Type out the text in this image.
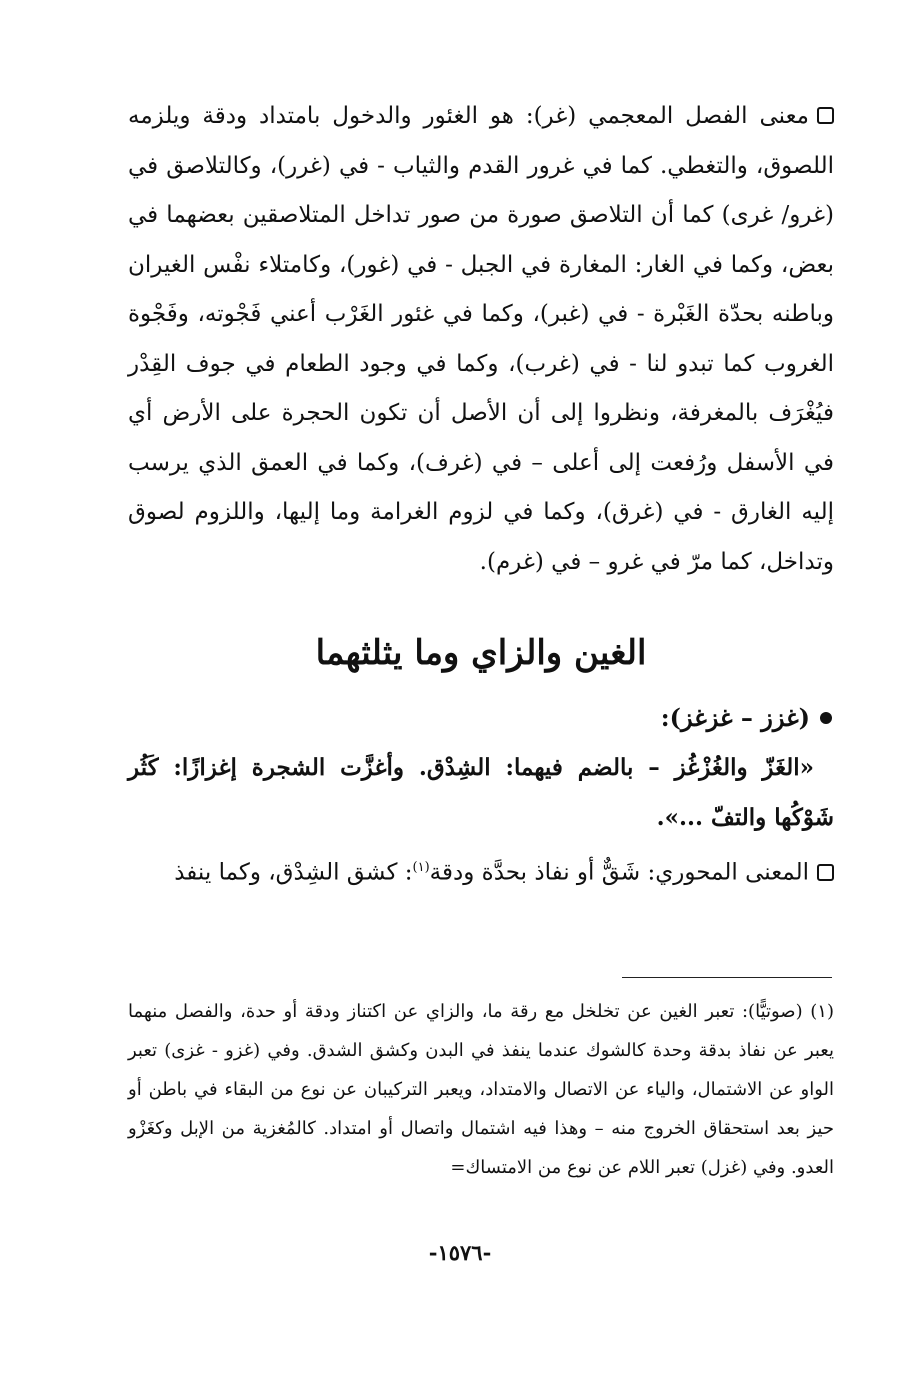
معنى الفصل المعجمي (غر): هو الغئور والدخول بامتداد ودقة ويلزمه اللصوق، والتغطي. كما في غرور القدم والثياب - في (غرر)، وكالتلاصق في (غرو/ غرى) كما أن التلاصق صورة من صور تداخل المتلاصقين بعضهما في بعض، وكما في الغار: المغارة في الجبل - في (غور)، وكامتلاء نفْس الغيران وباطنه بحدّة الغَبْرة - في (غبر)، وكما في غئور الغَرْب أعني فَجْوته، وفَجْوة الغروب كما تبدو لنا - في (غرب)، وكما في وجود الطعام في جوف القِدْر فيُغْرَف بالمغرفة، ونظروا إلى أن الأصل أن تكون الحجرة على الأرض أي في الأسفل ورُفعت إلى أعلى – في (غرف)، وكما في العمق الذي يرسب إليه الغارق - في (غرق)، وكما في لزوم الغرامة وما إليها، واللزوم لصوق وتداخل، كما مرّ في غرو – في (غرم).

الغين والزاي وما يثلثهما
(غزز – غزغز):

«الغَزّ والغُزْغُز – بالضم فيهما: الشِدْق. وأغزَّت الشجرة إغزازًا: كَثُر شَوْكُها والتفّ ...».

المعنى المحوري: شَقٌّ أو نفاذ بحدَّة ودقة$^{(١)}$: كشق الشِدْق، وكما ينفذ

(١) (صوتيًّا): تعبر الغين عن تخلخل مع رقة ما، والزاي عن اكتناز ودقة أو حدة، والفصل منهما يعبر عن نفاذ بدقة وحدة كالشوك عندما ينفذ في البدن وكشق الشدق. وفي (غزو - غزى) تعبر الواو عن الاشتمال، والياء عن الاتصال والامتداد، ويعبر التركيبان عن نوع من البقاء في باطن أو حيز بعد استحقاق الخروج منه – وهذا فيه اشتمال واتصال أو امتداد. كالمُغزية من الإبل وكغَزْو العدو. وفي (غزل) تعبر اللام عن نوع من الامتساك=

-١٥٧٦-
